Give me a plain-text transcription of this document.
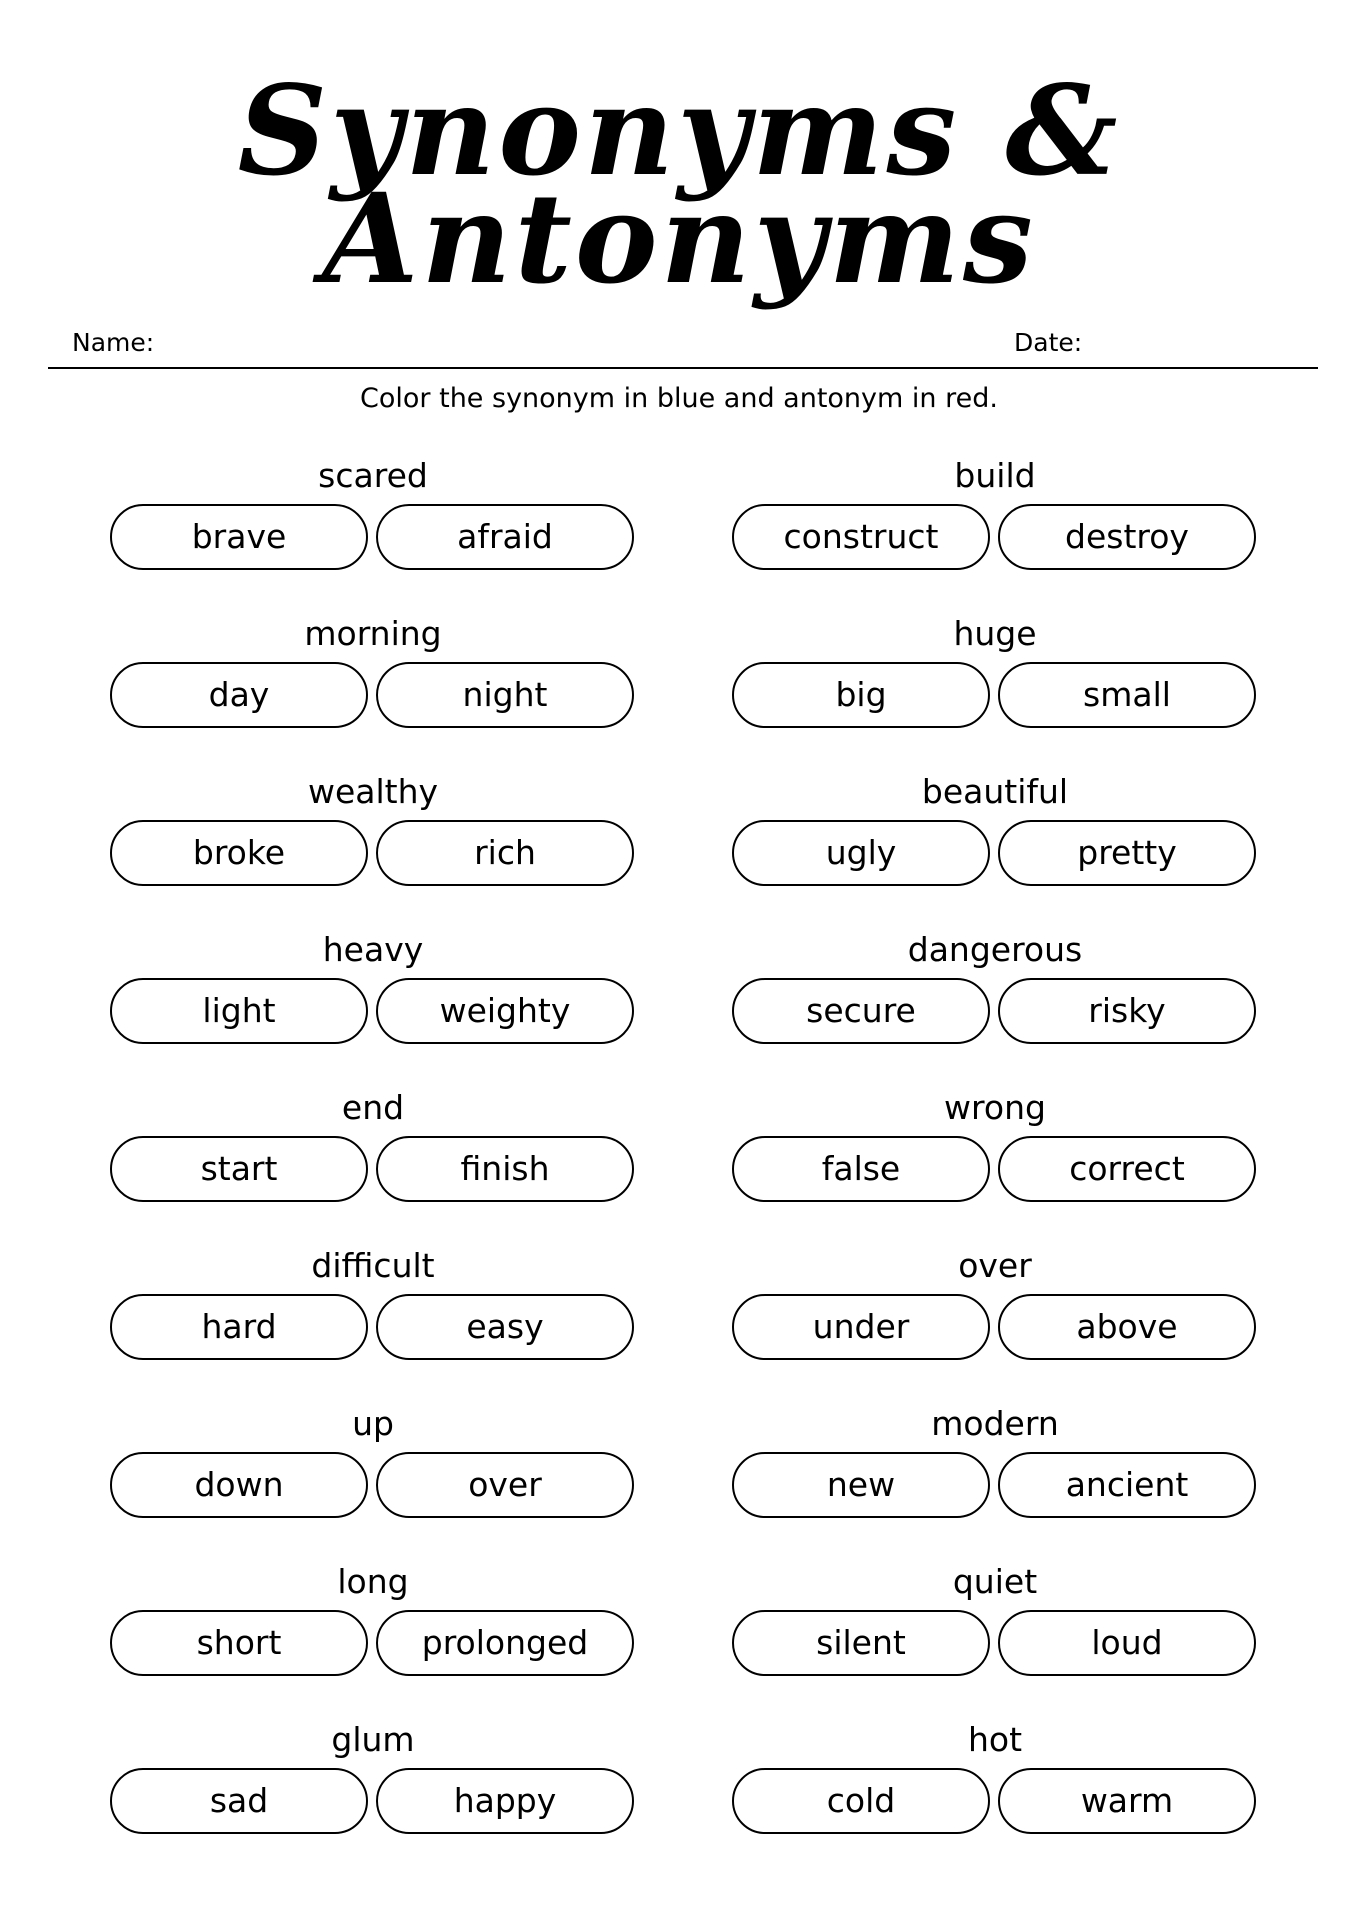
Synonyms &
Antonyms
Name:	Date:
Color the synonym in blue and antonym in red.
scared
brave	afraid
build
construct	destroy
morning
day	night
huge
big	small
wealthy
broke	rich
beautiful
ugly	pretty
heavy
light	weighty
dangerous
secure	risky
end
start	finish
wrong
false	correct
difficult
hard	easy
over
under	above
up
down	over
modern
new	ancient
long
short	prolonged
quiet
silent	loud
glum
sad	happy
hot
cold	warm
